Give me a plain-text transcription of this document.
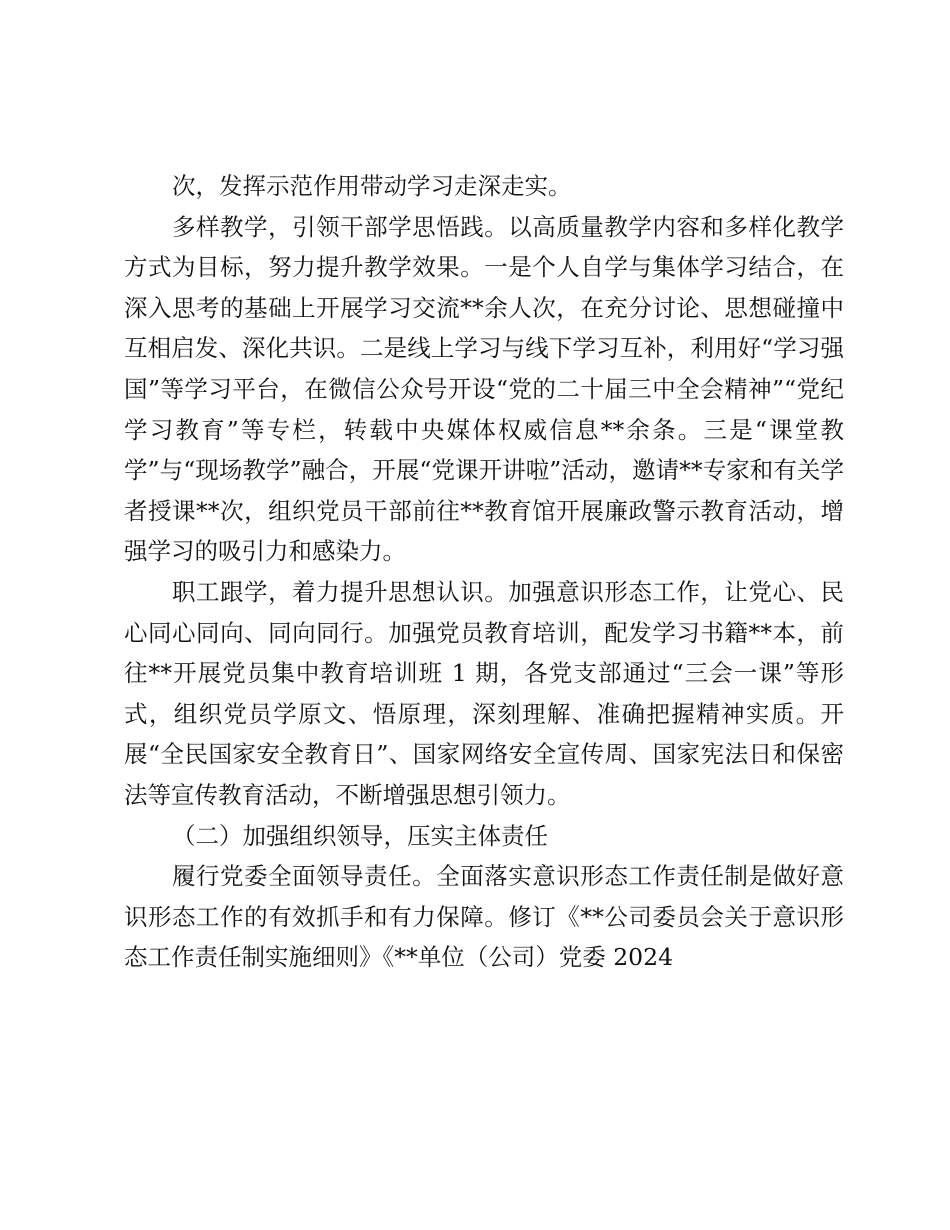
次，发挥示范作用带动学习走深走实。

多样教学，引领干部学思悟践。以高质量教学内容和多样化教学方式为目标，努力提升教学效果。一是个人自学与集体学习结合，在深入思考的基础上开展学习交流**余人次，在充分讨论、思想碰撞中互相启发、深化共识。二是线上学习与线下学习互补，利用好“学习强国”等学习平台，在微信公众号开设“党的二十届三中全会精神”“党纪学习教育”等专栏，转载中央媒体权威信息**余条。三是“课堂教学”与“现场教学”融合，开展“党课开讲啦”活动，邀请**专家和有关学者授课**次，组织党员干部前往**教育馆开展廉政警示教育活动，增强学习的吸引力和感染力。

职工跟学，着力提升思想认识。加强意识形态工作，让党心、民心同心同向、同向同行。加强党员教育培训，配发学习书籍**本，前往**开展党员集中教育培训班 1 期，各党支部通过“三会一课”等形式，组织党员学原文、悟原理，深刻理解、准确把握精神实质。开展“全民国家安全教育日”、国家网络安全宣传周、国家宪法日和保密法等宣传教育活动，不断增强思想引领力。

（二）加强组织领导，压实主体责任

履行党委全面领导责任。全面落实意识形态工作责任制是做好意识形态工作的有效抓手和有力保障。修订《**公司委员会关于意识形态工作责任制实施细则》《**单位（公司）党委 2024
